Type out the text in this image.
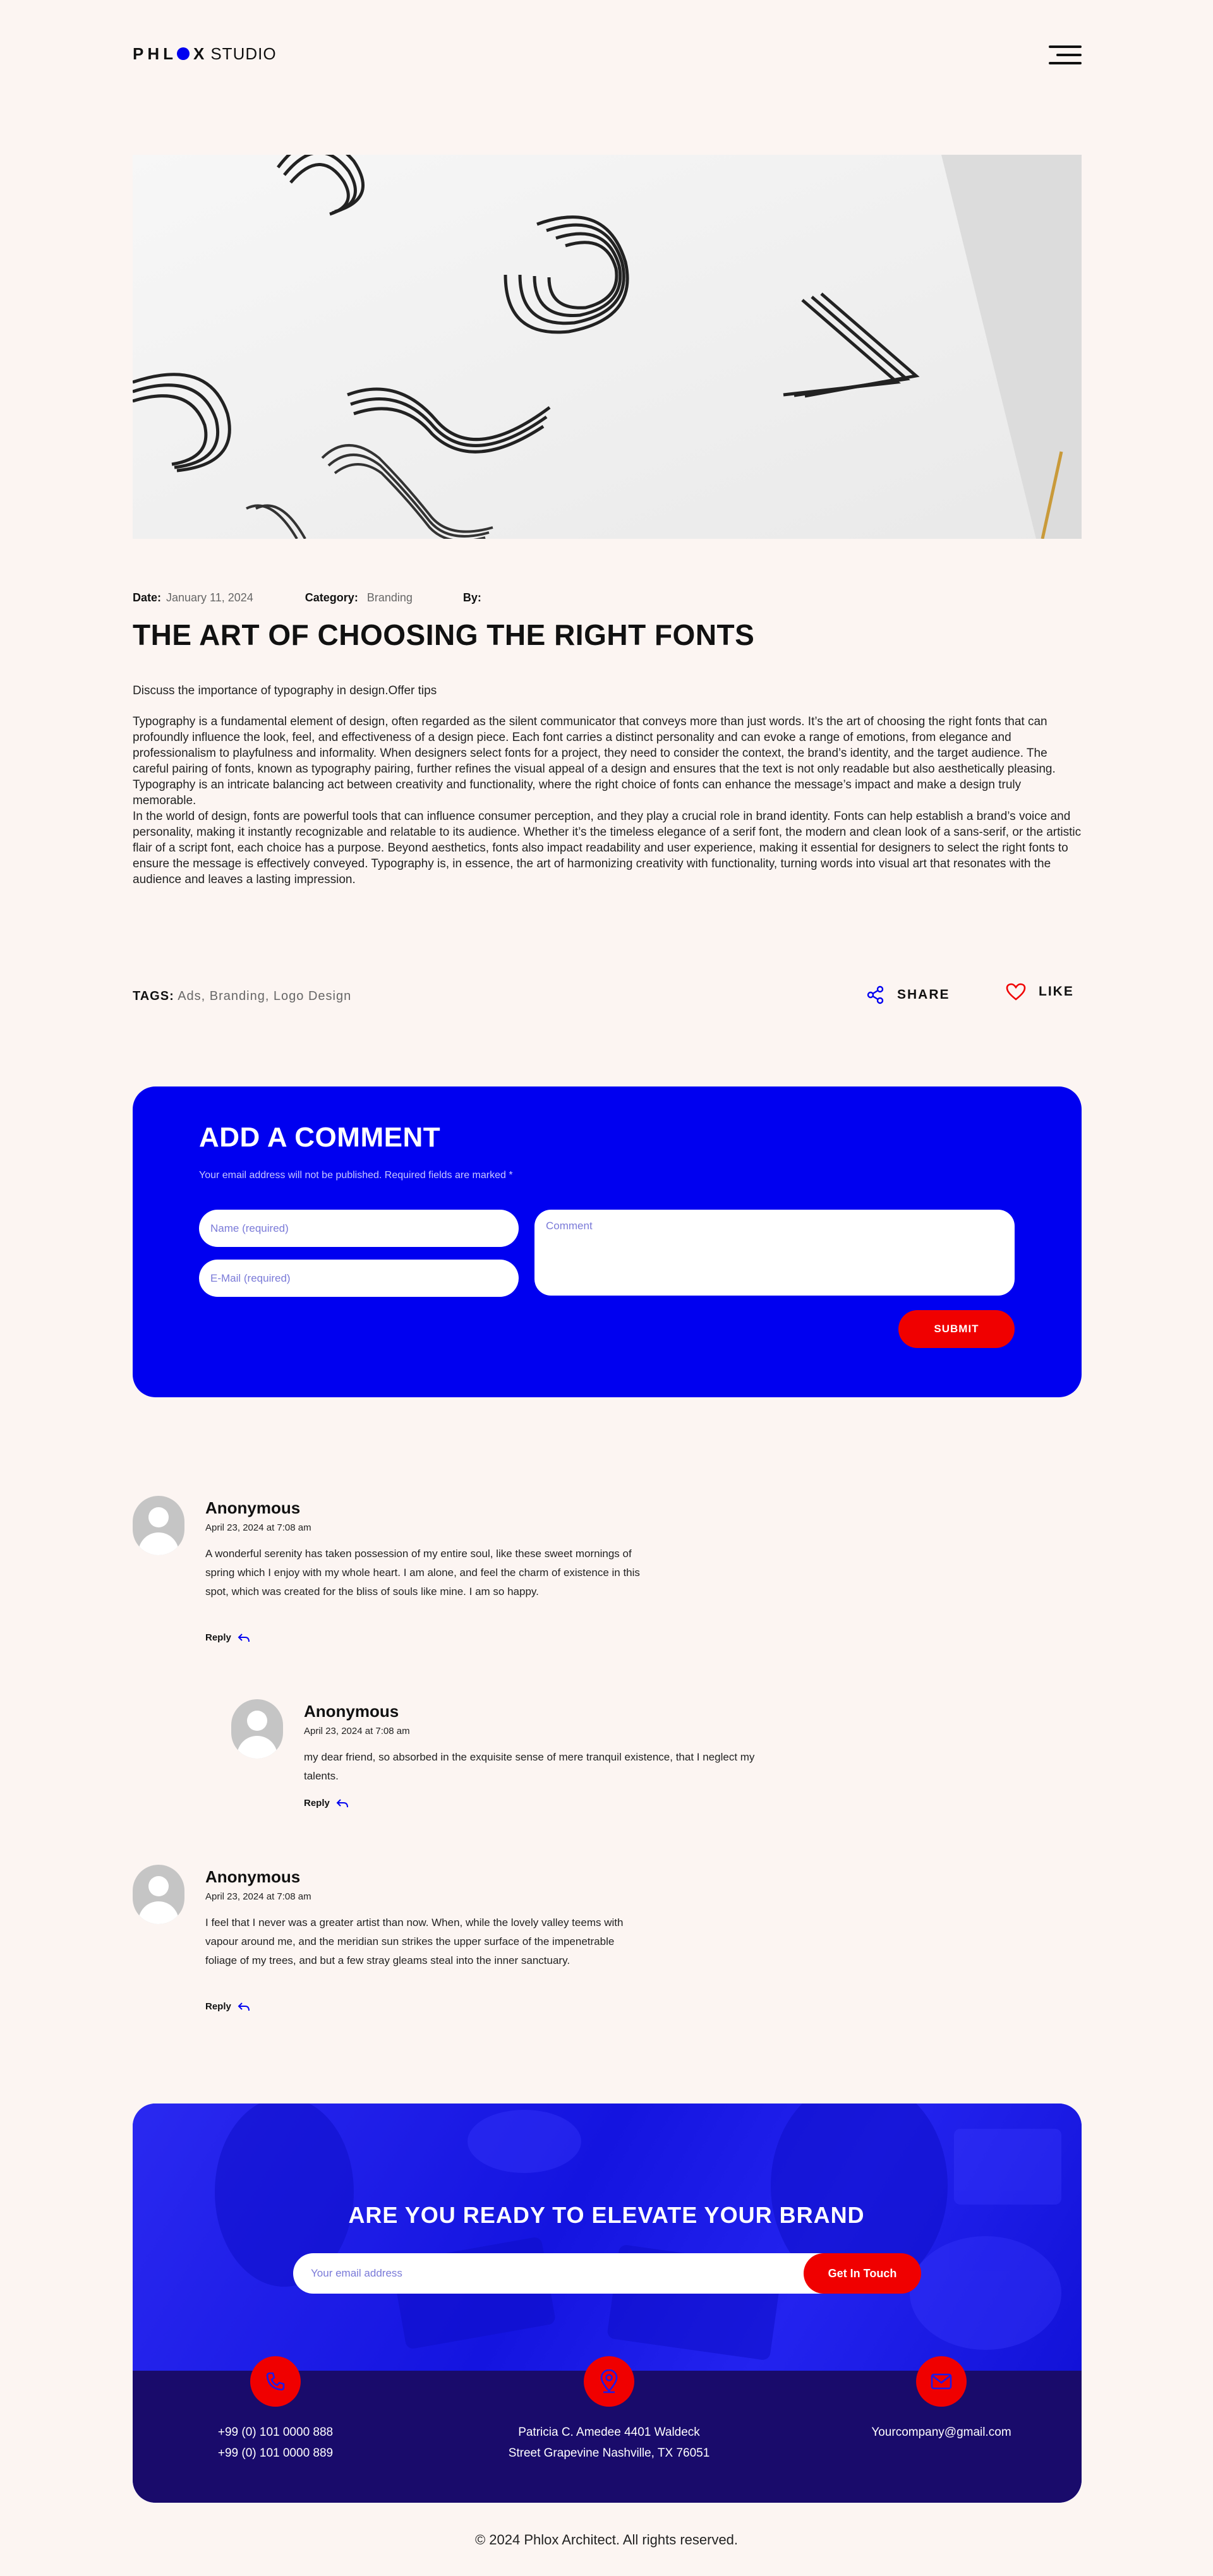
PHL X STUDIO
Date: January 11, 2024	Category: Branding	By:
THE ART OF CHOOSING THE RIGHT FONTS
Discuss the importance of typography in design.Offer tips

Typography is a fundamental element of design, often regarded as the silent communicator that conveys more than just words. It’s the art of choosing the right fonts that can profoundly influence the look, feel, and effectiveness of a design piece. Each font carries a distinct personality and can evoke a range of emotions, from elegance and professionalism to playfulness and informality. When designers select fonts for a project, they need to consider the context, the brand’s identity, and the target audience. The careful pairing of fonts, known as typography pairing, further refines the visual appeal of a design and ensures that the text is not only readable but also aesthetically pleasing. Typography is an intricate balancing act between creativity and functionality, where the right choice of fonts can enhance the message’s impact and make a design truly memorable.

In the world of design, fonts are powerful tools that can influence consumer perception, and they play a crucial role in brand identity. Fonts can help establish a brand’s voice and personality, making it instantly recognizable and relatable to its audience. Whether it’s the timeless elegance of a serif font, the modern and clean look of a sans-serif, or the artistic flair of a script font, each choice has a purpose. Beyond aesthetics, fonts also impact readability and user experience, making it essential for designers to select the right fonts to ensure the message is effectively conveyed. Typography is, in essence, the art of harmonizing creativity with functionality, turning words into visual art that resonates with the audience and leaves a lasting impression.

TAGS: Ads, Branding, Logo Design	SHARE	LIKE
ADD A COMMENT
Your email address will not be published. Required fields are marked *
Name (required)
E-Mail (required)
Comment
SUBMIT
Anonymous
April 23, 2024 at 7:08 am
A wonderful serenity has taken possession of my entire soul, like these sweet mornings of spring which I enjoy with my whole heart. I am alone, and feel the charm of existence in this spot, which was created for the bliss of souls like mine. I am so happy.
Reply
Anonymous
April 23, 2024 at 7:08 am
my dear friend, so absorbed in the exquisite sense of mere tranquil existence, that I neglect my talents.
Reply
Anonymous
April 23, 2024 at 7:08 am
I feel that I never was a greater artist than now. When, while the lovely valley teems with vapour around me, and the meridian sun strikes the upper surface of the impenetrable foliage of my trees, and but a few stray gleams steal into the inner sanctuary.
Reply
ARE YOU READY TO ELEVATE YOUR BRAND
Your email address
Get In Touch
+99 (0) 101 0000 888
+99 (0) 101 0000 889
Patricia C. Amedee 4401 Waldeck
Street Grapevine Nashville, TX 76051
Yourcompany@gmail.com
© 2024 Phlox Architect. All rights reserved.
